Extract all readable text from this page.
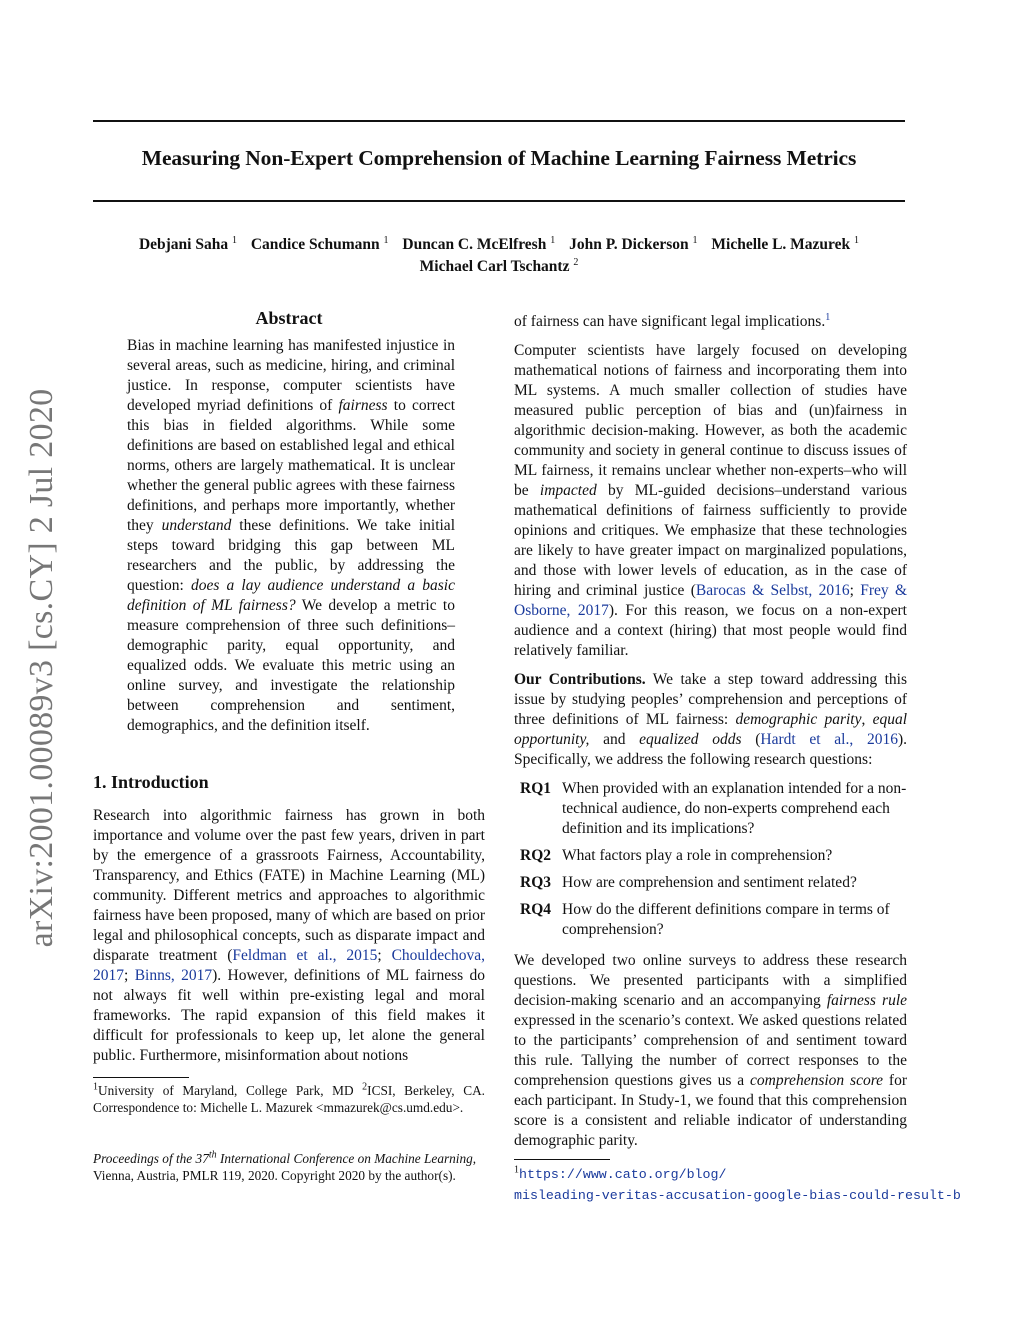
Measuring Non-Expert Comprehension of Machine Learning Fairness Metrics
Debjani Saha $^1$ Candice Schumann $^1$ Duncan C. McElfresh $^1$ John P. Dickerson $^1$ Michelle L. Mazurek $^1$
Michael Carl Tschantz $^2$
arXiv:2001.00089v3 [cs.CY] 2 Jul 2020
Abstract

Bias in machine learning has manifested injustice in several areas, such as medicine, hiring, and criminal justice. In response, computer scientists have developed myriad definitions of fairness to correct this bias in fielded algorithms. While some definitions are based on established legal and ethical norms, others are largely mathematical. It is unclear whether the general public agrees with these fairness definitions, and perhaps more importantly, whether they understand these definitions. We take initial steps toward bridging this gap between ML researchers and the public, by addressing the question: does a lay audience understand a basic definition of ML fairness? We develop a metric to measure comprehension of three such definitions–demographic parity, equal opportunity, and equalized odds. We evaluate this metric using an online survey, and investigate the relationship between comprehension and sentiment, demographics, and the definition itself.

1. Introduction

Research into algorithmic fairness has grown in both importance and volume over the past few years, driven in part by the emergence of a grassroots Fairness, Accountability, Transparency, and Ethics (FATE) in Machine Learning (ML) community. Different metrics and approaches to algorithmic fairness have been proposed, many of which are based on prior legal and philosophical concepts, such as disparate impact and disparate treatment (Feldman et al., 2015; Chouldechova, 2017; Binns, 2017). However, definitions of ML fairness do not always fit well within pre-existing legal and moral frameworks. The rapid expansion of this field makes it difficult for professionals to keep up, let alone the general public. Furthermore, misinformation about notions

$^1$University of Maryland, College Park, MD $^2$ICSI, Berkeley, CA. Correspondence to: Michelle L. Mazurek <mmazurek@cs.umd.edu>.
Proceedings of the 37th International Conference on Machine Learning, Vienna, Austria, PMLR 119, 2020. Copyright 2020 by the author(s).

of fairness can have significant legal implications.$^1$

Computer scientists have largely focused on developing mathematical notions of fairness and incorporating them into ML systems. A much smaller collection of studies have measured public perception of bias and (un)fairness in algorithmic decision-making. However, as both the academic community and society in general continue to discuss issues of ML fairness, it remains unclear whether non-experts–who will be impacted by ML-guided decisions–understand various mathematical definitions of fairness sufficiently to provide opinions and critiques. We emphasize that these technologies are likely to have greater impact on marginalized populations, and those with lower levels of education, as in the case of hiring and criminal justice (Barocas & Selbst, 2016; Frey & Osborne, 2017). For this reason, we focus on a non-expert audience and a context (hiring) that most people would find relatively familiar.

Our Contributions. We take a step toward addressing this issue by studying peoples’ comprehension and perceptions of three definitions of ML fairness: demographic parity, equal opportunity, and equalized odds (Hardt et al., 2016). Specifically, we address the following research questions:

RQ1 When provided with an explanation intended for a non-technical audience, do non-experts comprehend each definition and its implications?
RQ2 What factors play a role in comprehension?
RQ3 How are comprehension and sentiment related?
RQ4 How do the different definitions compare in terms of comprehension?

We developed two online surveys to address these research questions. We presented participants with a simplified decision-making scenario and an accompanying fairness rule expressed in the scenario’s context. We asked questions related to the participants’ comprehension of and sentiment toward this rule. Tallying the number of correct responses to the comprehension questions gives us a comprehension score for each participant. In Study-1, we found that this comprehension score is a consistent and reliable indicator of understanding demographic parity.

$^1$https://www.cato.org/blog/
misleading-veritas-accusation-google-bias-could-result-b
